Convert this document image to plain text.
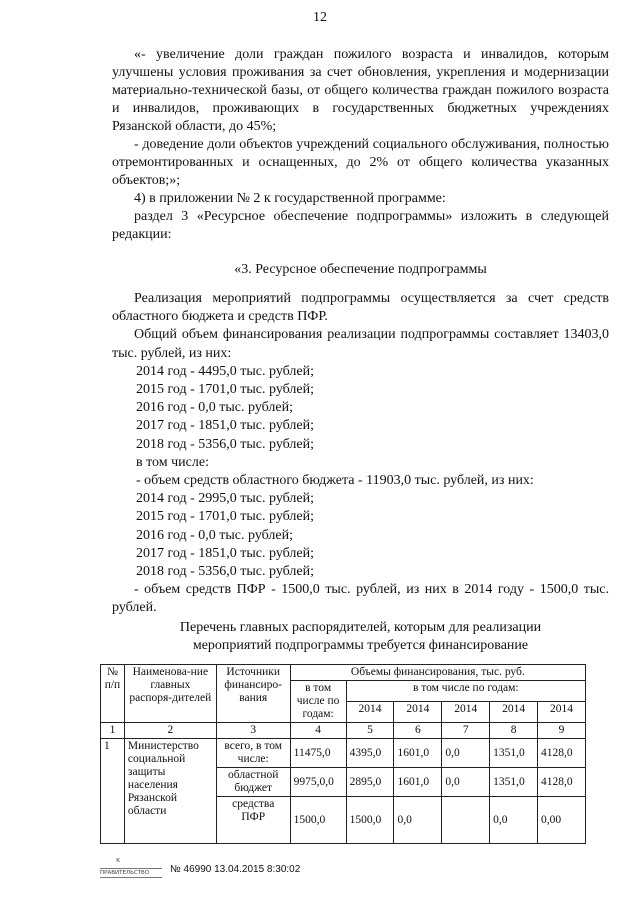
12

«- увеличение доли граждан пожилого возраста и инвалидов, которым улучшены условия проживания за счет обновления, укрепления и модернизации материально-технической базы, от общего количества граждан пожилого возраста и инвалидов, проживающих в государственных бюджетных учреждениях Рязанской области, до 45%;

- доведение доли объектов учреждений социального обслуживания, полностью отремонтированных и оснащенных, до 2% от общего количества указанных объектов;»;

4) в приложении № 2 к государственной программе:

раздел 3 «Ресурсное обеспечение подпрограммы» изложить в следующей редакции:

«3. Ресурсное обеспечение подпрограммы

Реализация мероприятий подпрограммы осуществляется за счет средств областного бюджета и средств ПФР.

Общий объем финансирования реализации подпрограммы составляет 13403,0 тыс. рублей, из них:

2014 год - 4495,0 тыс. рублей;

2015 год - 1701,0 тыс. рублей;

2016 год - 0,0 тыс. рублей;

2017 год - 1851,0 тыс. рублей;

2018 год - 5356,0 тыс. рублей;

в том числе:

- объем средств областного бюджета - 11903,0 тыс. рублей, из них:

2014 год - 2995,0 тыс. рублей;

2015 год - 1701,0 тыс. рублей;

2016 год - 0,0 тыс. рублей;

2017 год - 1851,0 тыс. рублей;

2018 год - 5356,0 тыс. рублей;

- объем средств ПФР - 1500,0 тыс. рублей, из них в 2014 году - 1500,0 тыс. рублей.

Перечень главных распорядителей, которым для реализации
мероприятий подпрограммы требуется финансирование
№ п/п	Наименова-ние главных распоря-дителей	Источники финансиро-вания	Объемы финансирования, тыс. руб.					
			в том числе по годам:	в том числе по годам:				
				2014	2014	2014	2014	2014
1	2	3	4	5	6	7	8	9
1	Министерство социальной защиты населения Рязанской области	всего, в том числе:	11475,0	4395,0	1601,0	0,0	1351,0	4128,0
		областной бюджет	9975,0,0	2895,0	1601,0	0,0	1351,0	4128,0
		средства ПФР	1500,0	1500,0	0,0		0,0	0,00
к
ПРАВИТЕЛЬСТВО № 46990 13.04.2015 8:30:02
